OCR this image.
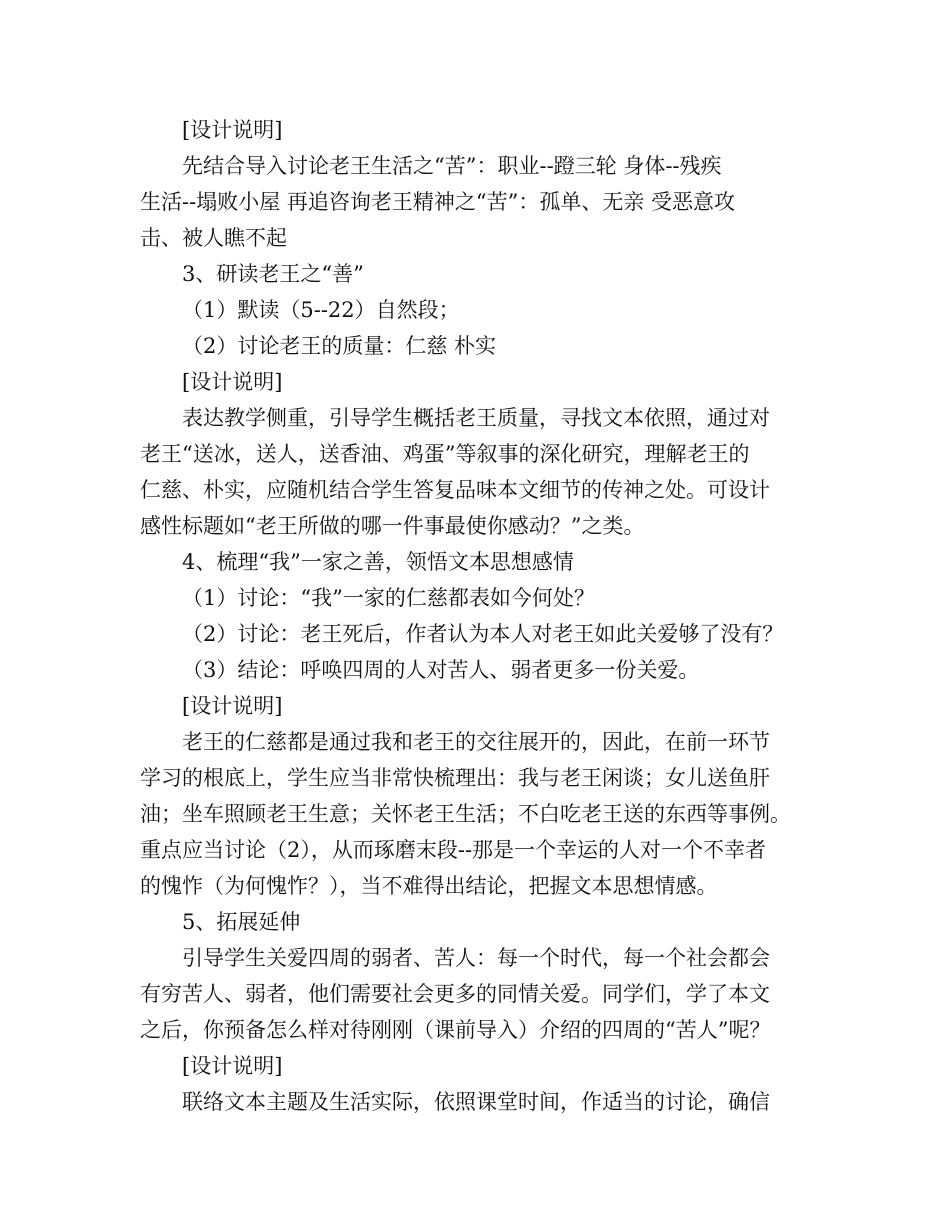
[设计说明]
先结合导入讨论老王生活之“苦”：职业--蹬三轮 身体--残疾
生活--塌败小屋 再追咨询老王精神之“苦”：孤单、无亲 受恶意攻
击、被人瞧不起
3、研读老王之“善”
（1）默读（5--22）自然段；
（2）讨论老王的质量：仁慈 朴实
[设计说明]
表达教学侧重，引导学生概括老王质量，寻找文本依照，通过对
老王“送冰，送人，送香油、鸡蛋”等叙事的深化研究，理解老王的
仁慈、朴实，应随机结合学生答复品味本文细节的传神之处。可设计
感性标题如“老王所做的哪一件事最使你感动？”之类。
4、梳理“我”一家之善，领悟文本思想感情
（1）讨论：“我”一家的仁慈都表如今何处？
（2）讨论：老王死后，作者认为本人对老王如此关爱够了没有？
（3）结论：呼唤四周的人对苦人、弱者更多一份关爱。
[设计说明]
老王的仁慈都是通过我和老王的交往展开的，因此，在前一环节
学习的根底上，学生应当非常快梳理出：我与老王闲谈；女儿送鱼肝
油；坐车照顾老王生意；关怀老王生活；不白吃老王送的东西等事例。
重点应当讨论（2），从而琢磨末段--那是一个幸运的人对一个不幸者
的愧怍（为何愧怍？），当不难得出结论，把握文本思想情感。
5、拓展延伸
引导学生关爱四周的弱者、苦人：每一个时代，每一个社会都会
有穷苦人、弱者，他们需要社会更多的同情关爱。同学们，学了本文
之后，你预备怎么样对待刚刚（课前导入）介绍的四周的“苦人”呢？
[设计说明]
联络文本主题及生活实际，依照课堂时间，作适当的讨论，确信
